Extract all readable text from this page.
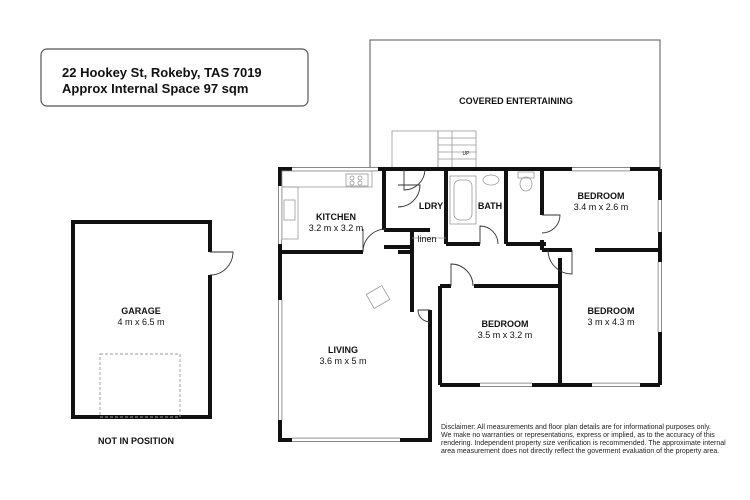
22 Hookey St, Rokeby, TAS 7019
Approx Internal Space 97 sqm
COVERED ENTERTAINING
UP
KITCHEN
3.2 m x 3.2 m
LDRY	BATH
linen
BEDROOM
3.4 m x 2.6 m
BEDROOM
3.5 m x 3.2 m
BEDROOM
3 m x 4.3 m
LIVING
3.6 m x 5 m
GARAGE
4 m x 6.5 m
NOT IN POSITION
Disclaimer: All measurements and floor plan details are for informational purposes only.
We make no warranties or representations, express or implied, as to the accuracy of this
rendering. Independent property size verification is recommended. The approximate internal
area measurement does not directly reflect the goverment evaluation of the property area.
